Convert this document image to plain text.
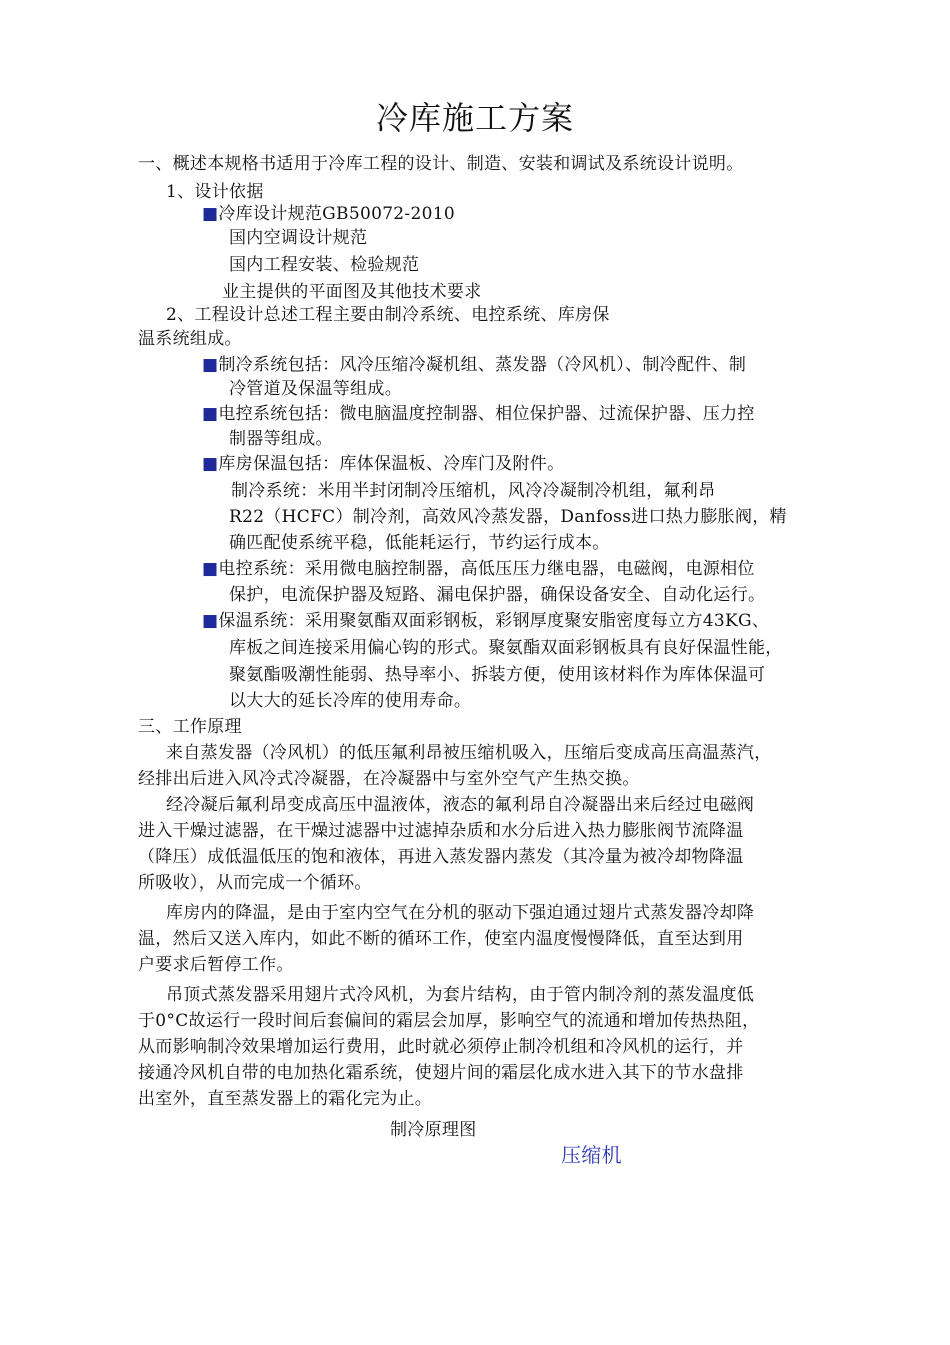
冷库施工方案
一、概述本规格书适用于冷库工程的设计、制造、安装和调试及系统设计说明。
1、设计依据
■冷库设计规范GB50072-2010
国内空调设计规范
国内工程安装、检验规范
业主提供的平面图及其他技术要求
2、工程设计总述工程主要由制冷系统、电控系统、库房保
温系统组成。
■制冷系统包括：风冷压缩冷凝机组、蒸发器（冷风机）、制冷配件、制
冷管道及保温等组成。
■电控系统包括：微电脑温度控制器、相位保护器、过流保护器、压力控
制器等组成。
■库房保温包括：库体保温板、冷库门及附件。
制冷系统：米用半封闭制冷压缩机，风冷冷凝制冷机组，氟利昂
R22（HCFC）制冷剂，高效风冷蒸发器，Danfoss进口热力膨胀阀，精
确匹配使系统平稳，低能耗运行，节约运行成本。
■电控系统：采用微电脑控制器，高低压压力继电器，电磁阀，电源相位
保护，电流保护器及短路、漏电保护器，确保设备安全、自动化运行。
■保温系统：采用聚氨酯双面彩钢板，彩钢厚度聚安脂密度每立方43KG、
库板之间连接采用偏心钩的形式。聚氨酯双面彩钢板具有良好保温性能，
聚氨酯吸潮性能弱、热导率小、拆装方便，使用该材料作为库体保温可
以大大的延长冷库的使用寿命。
三、工作原理
来自蒸发器（冷风机）的低压氟利昂被压缩机吸入，压缩后变成高压高温蒸汽，
经排出后进入风冷式冷凝器，在冷凝器中与室外空气产生热交换。
经冷凝后氟利昂变成高压中温液体，液态的氟利昂自冷凝器出来后经过电磁阀
进入干燥过滤器，在干燥过滤器中过滤掉杂质和水分后进入热力膨胀阀节流降温
（降压）成低温低压的饱和液体，再进入蒸发器内蒸发（其冷量为被冷却物降温
所吸收），从而完成一个循环。
库房内的降温，是由于室内空气在分机的驱动下强迫通过翅片式蒸发器冷却降
温，然后又送入库内，如此不断的循环工作，使室内温度慢慢降低，直至达到用
户要求后暂停工作。
吊顶式蒸发器采用翅片式冷风机，为套片结构，由于管内制冷剂的蒸发温度低
于0°C故运行一段时间后套偏间的霜层会加厚，影响空气的流通和增加传热热阻，
从而影响制冷效果增加运行费用，此时就必须停止制冷机组和冷风机的运行，并
接通冷风机自带的电加热化霜系统，使翅片间的霜层化成水进入其下的节水盘排
出室外，直至蒸发器上的霜化完为止。
制冷原理图
压缩机
